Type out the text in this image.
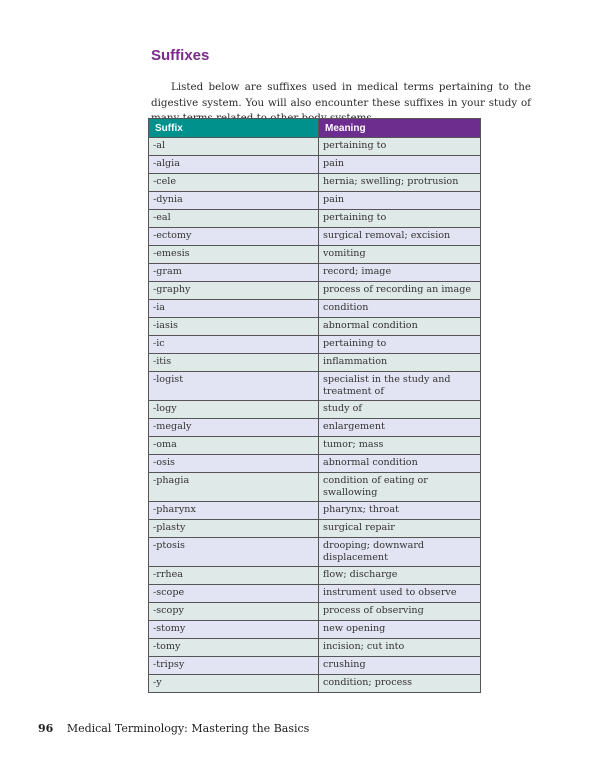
Suffixes

Listed below are suffixes used in medical terms pertaining to the digestive system. You will also encounter these suffixes in your study of

Suffix	Meaning
-al	pertaining to
-algia	pain
-cele	hernia; swelling; protrusion
-dynia	pain
-eal	pertaining to
-ectomy	surgical removal; excision
-emesis	vomiting
-gram	record; image
-graphy	process of recording an image
-ia	condition
-iasis	abnormal condition
-ic	pertaining to
-itis	inflammation
-logist	specialist in the study and treatment of
-logy	study of
-megaly	enlargement
-oma	tumor; mass
-osis	abnormal condition
-phagia	condition of eating or swallowing
-pharynx	pharynx; throat
-plasty	surgical repair
-ptosis	drooping; downward displacement
-rrhea	flow; discharge
-scope	instrument used to observe
-scopy	process of observing
-stomy	new opening
-tomy	incision; cut into
-tripsy	crushing
-y	condition; process
96 Medical Terminology: Mastering the Basics
